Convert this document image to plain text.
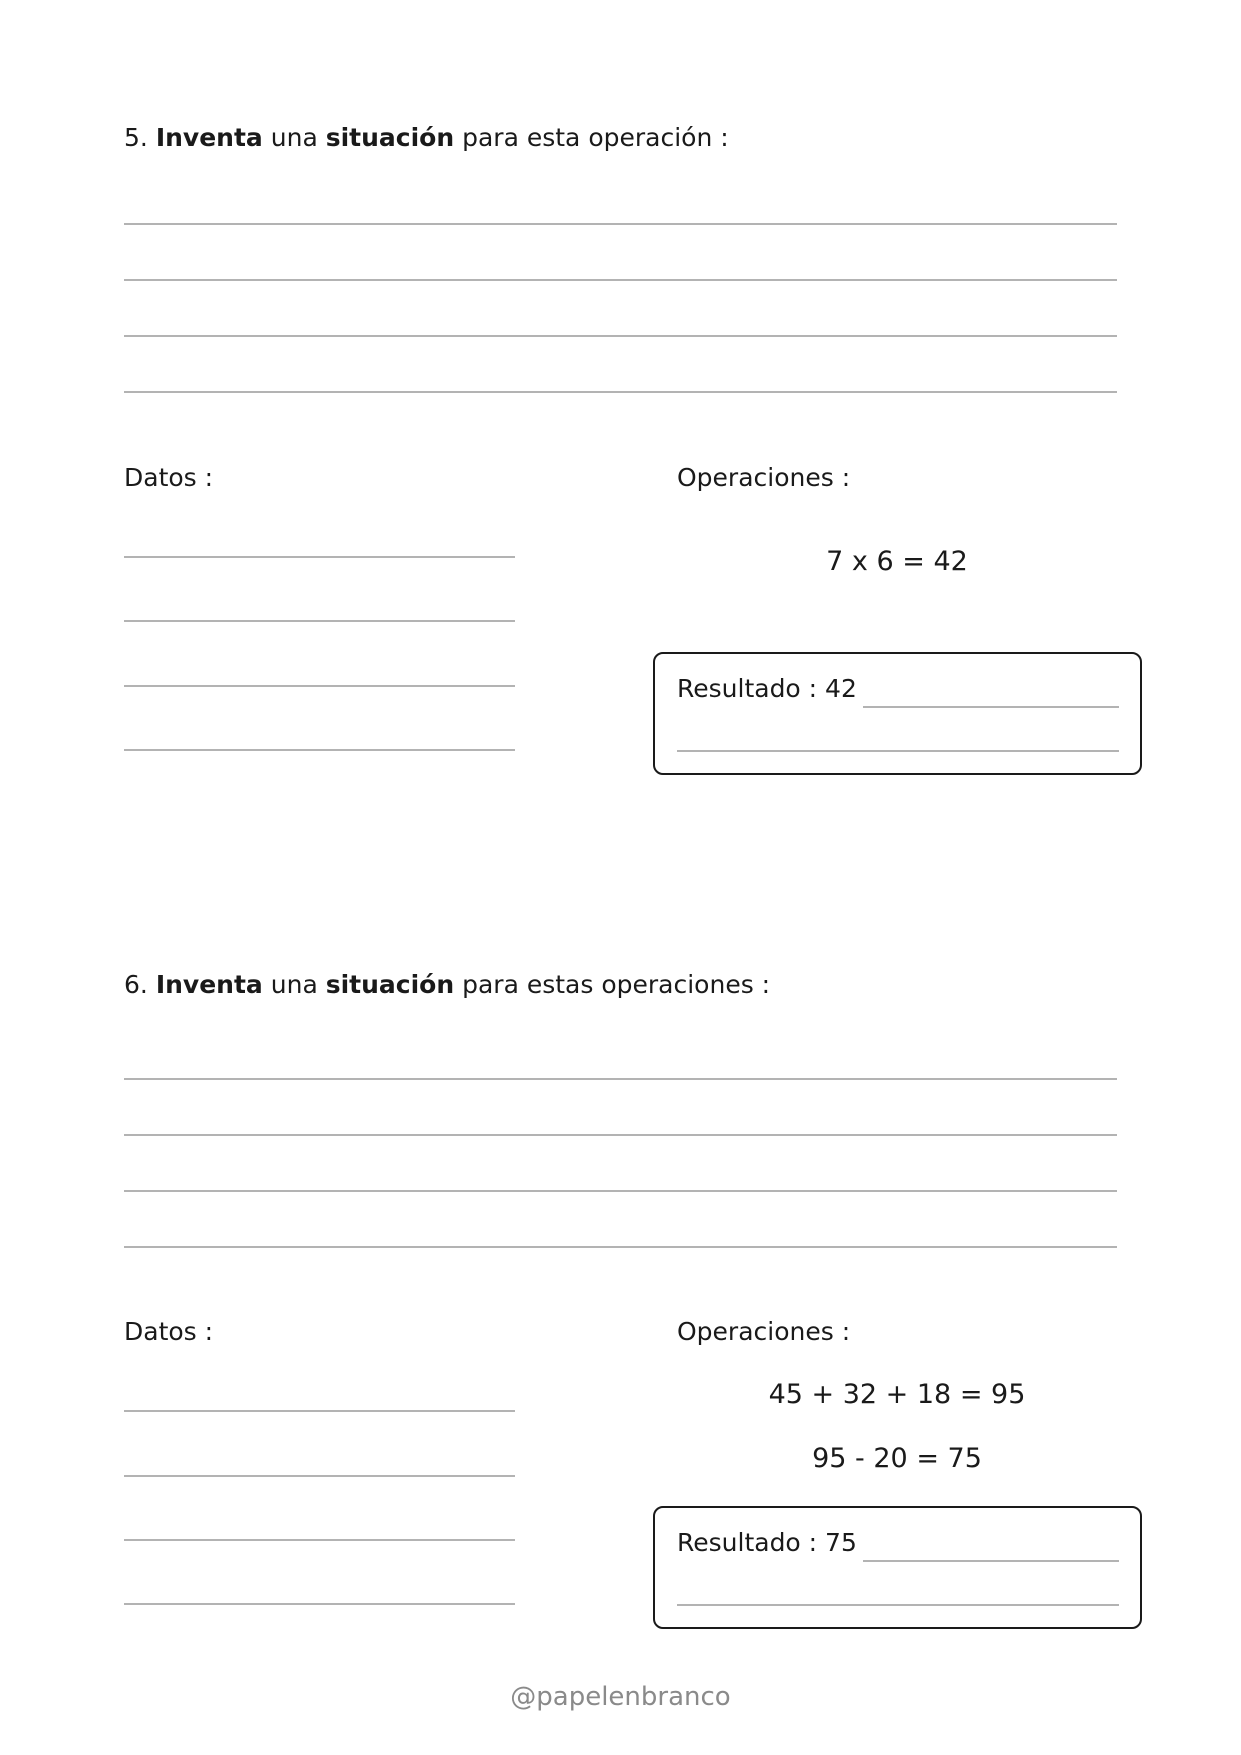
5. Inventa una situación para esta operación :
Datos :	Operaciones :
7 x 6 = 42
Resultado : 42
6. Inventa una situación para estas operaciones :
Datos :	Operaciones :
45 + 32 + 18 = 95
95 - 20 = 75
Resultado : 75
@papelenbranco
